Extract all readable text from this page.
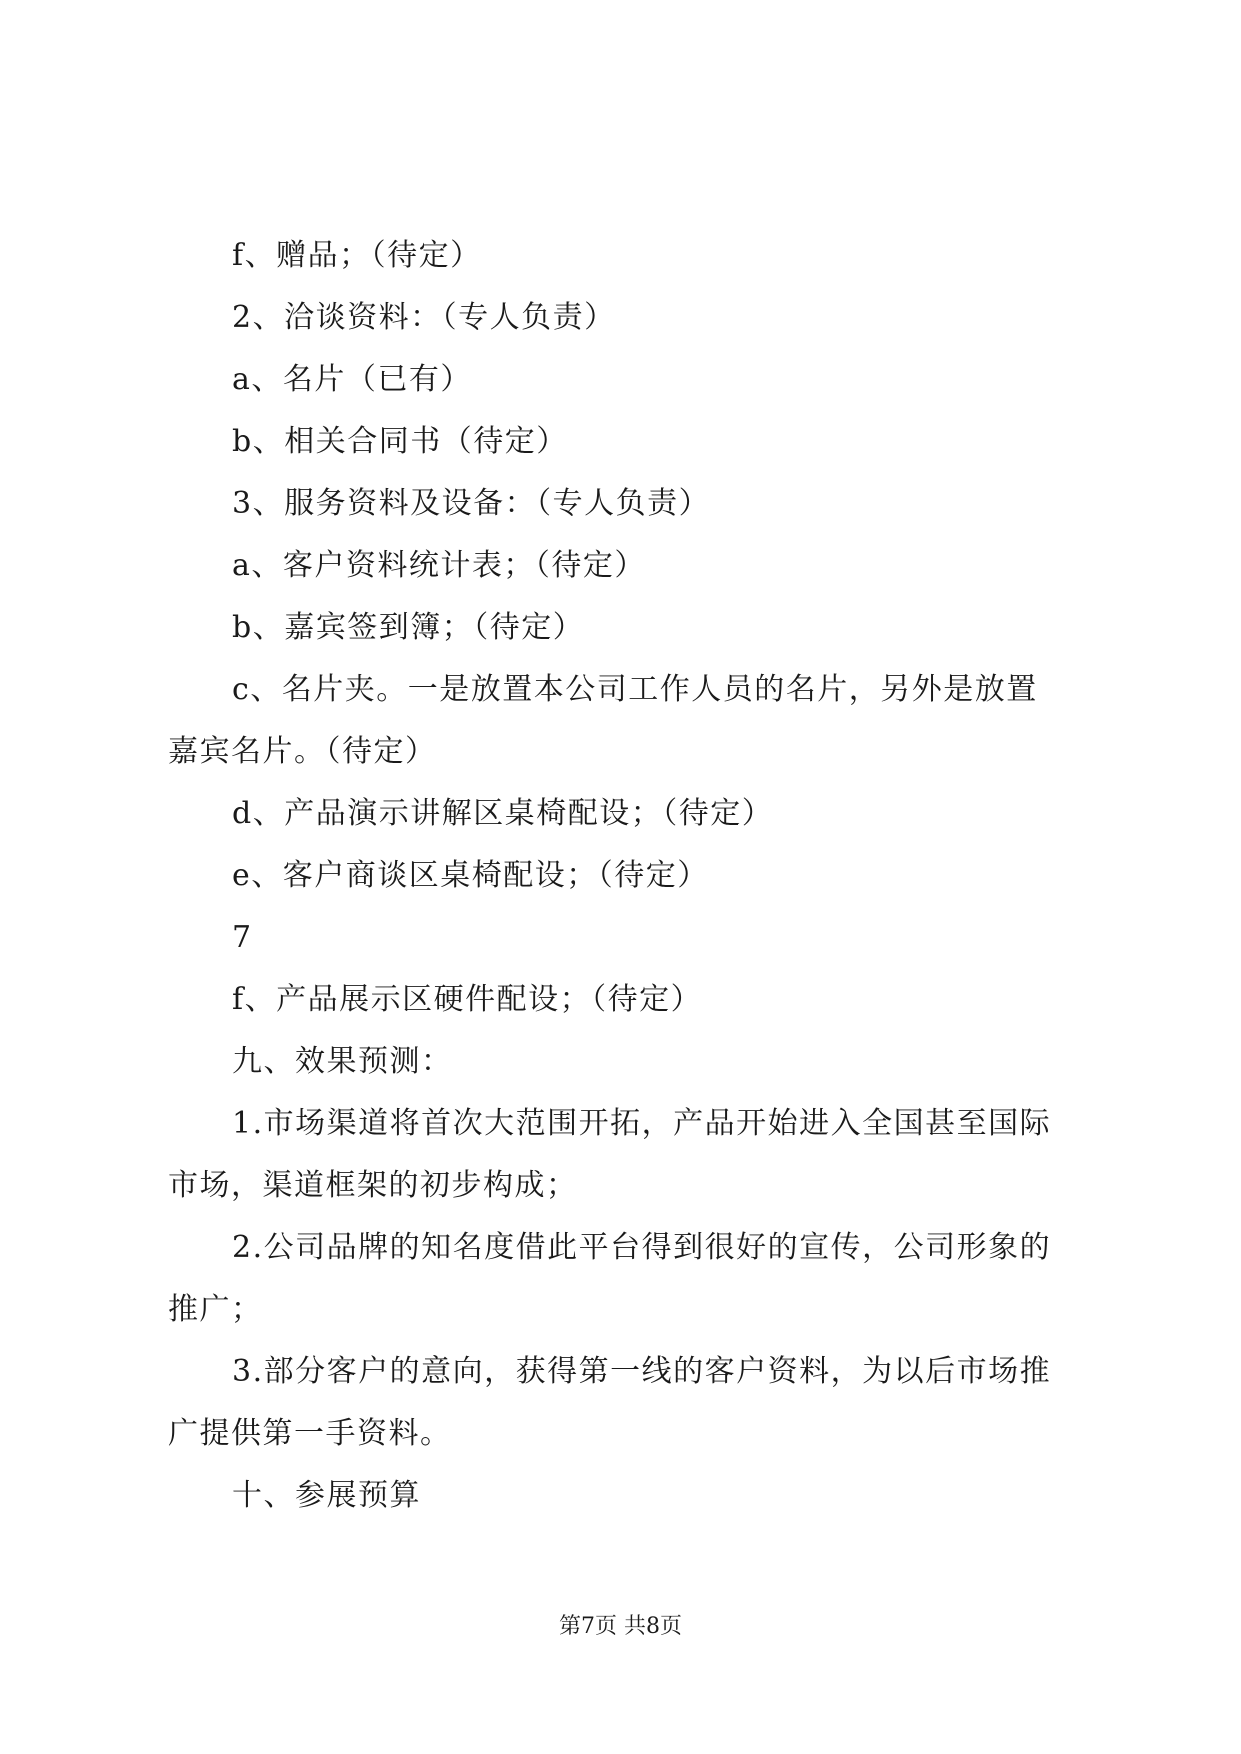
f、赠品；（待定）
2、洽谈资料：（专人负责）
a、名片（已有）
b、相关合同书（待定）
3、服务资料及设备：（专人负责）
a、客户资料统计表；（待定）
b、嘉宾签到簿；（待定）
c、名片夹。一是放置本公司工作人员的名片，另外是放置
嘉宾名片。（待定）
d、产品演示讲解区桌椅配设；（待定）
e、客户商谈区桌椅配设；（待定）
7
f、产品展示区硬件配设；（待定）
九、效果预测：
1.市场渠道将首次大范围开拓，产品开始进入全国甚至国际
市场，渠道框架的初步构成；
2.公司品牌的知名度借此平台得到很好的宣传，公司形象的
推广；
3.部分客户的意向，获得第一线的客户资料，为以后市场推
广提供第一手资料。
十、参展预算
第7页 共8页
